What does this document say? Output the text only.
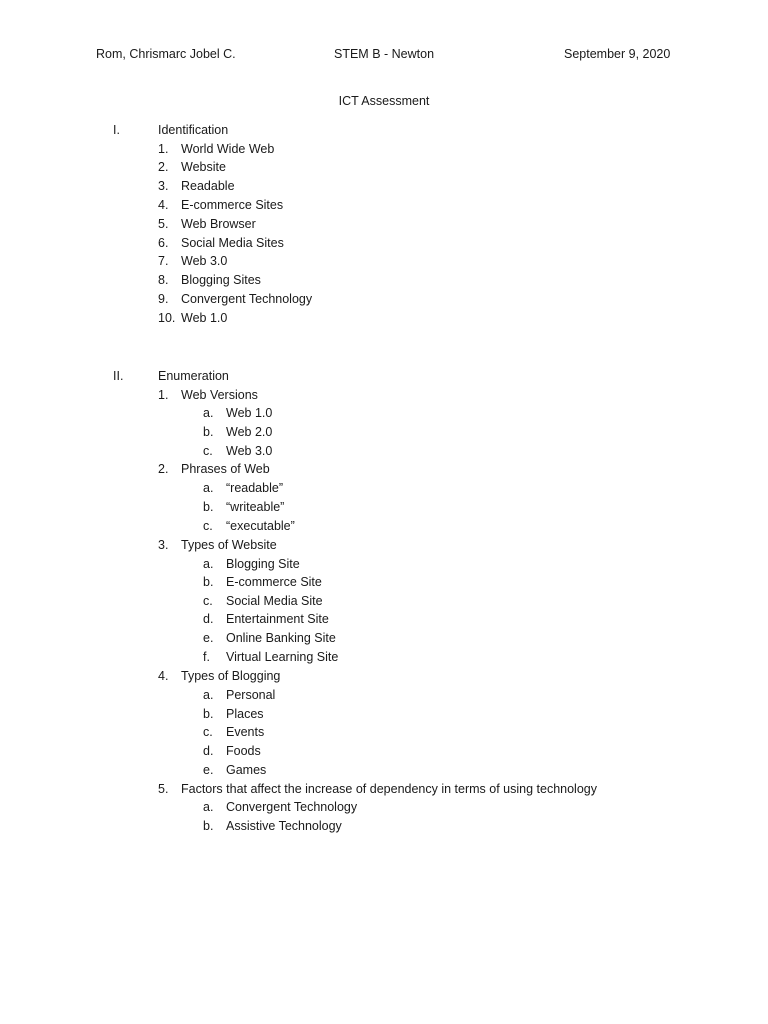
Rom, Chrismarc Jobel C.	STEM B - Newton	September 9, 2020
ICT Assessment
I.	Identification
1. World Wide Web
2. Website
3. Readable
4. E-commerce Sites
5. Web Browser
6. Social Media Sites
7. Web 3.0
8. Blogging Sites
9. Convergent Technology
10. Web 1.0
II.	Enumeration
1. Web Versions
a. Web 1.0
b. Web 2.0
c. Web 3.0
2. Phrases of Web
a. “readable”
b. “writeable”
c. “executable”
3. Types of Website
a. Blogging Site
b. E-commerce Site
c. Social Media Site
d. Entertainment Site
e. Online Banking Site
f. Virtual Learning Site
4. Types of Blogging
a. Personal
b. Places
c. Events
d. Foods
e. Games
5. Factors that affect the increase of dependency in terms of using technology
a. Convergent Technology
b. Assistive Technology
